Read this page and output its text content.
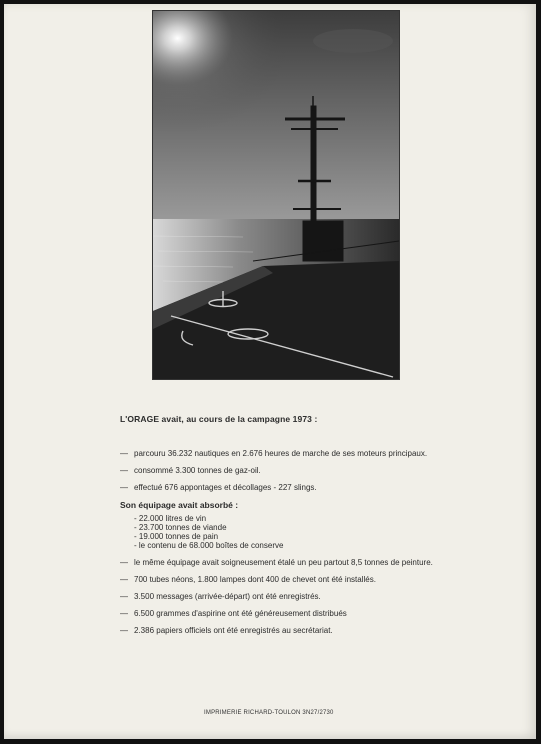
L'ORAGE avait, au cours de la campagne 1973 :
— parcouru 36.232 nautiques en 2.676 heures de marche de ses moteurs principaux.
— consommé 3.300 tonnes de gaz-oil.
— effectué 676 appontages et décollages - 227 slings.
Son équipage avait absorbé :
- 22.000 litres de vin
- 23.700 tonnes de viande
- 19.000 tonnes de pain
- le contenu de 68.000 boîtes de conserve
— le même équipage avait soigneusement étalé un peu partout 8,5 tonnes de peinture.
— 700 tubes néons, 1.800 lampes dont 400 de chevet ont été installés.
— 3.500 messages (arrivée-départ) ont été enregistrés.
— 6.500 grammes d'aspirine ont été généreusement distribués
— 2.386 papiers officiels ont été enregistrés au secrétariat.
IMPRIMERIE RICHARD-TOULON 3N27/2730
